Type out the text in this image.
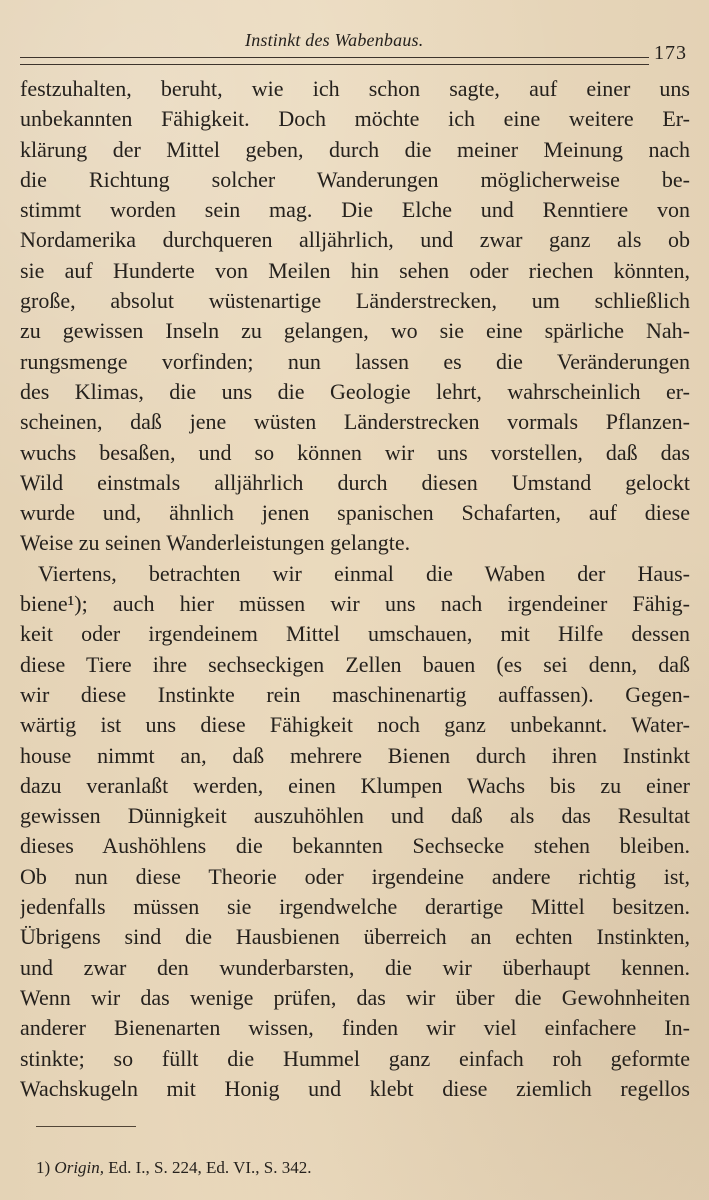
Instinkt des Wabenbaus.
173
festzuhalten, beruht, wie ich schon sagte, auf einer uns
unbekannten Fähigkeit. Doch möchte ich eine weitere Er-
klärung der Mittel geben, durch die meiner Meinung nach
die Richtung solcher Wanderungen möglicherweise be-
stimmt worden sein mag. Die Elche und Renntiere von
Nordamerika durchqueren alljährlich, und zwar ganz als ob
sie auf Hunderte von Meilen hin sehen oder riechen könnten,
große, absolut wüstenartige Länderstrecken, um schließlich
zu gewissen Inseln zu gelangen, wo sie eine spärliche Nah-
rungsmenge vorfinden; nun lassen es die Veränderungen
des Klimas, die uns die Geologie lehrt, wahrscheinlich er-
scheinen, daß jene wüsten Länderstrecken vormals Pflanzen-
wuchs besaßen, und so können wir uns vorstellen, daß das
Wild einstmals alljährlich durch diesen Umstand gelockt
wurde und, ähnlich jenen spanischen Schafarten, auf diese
Weise zu seinen Wanderleistungen gelangte.
Viertens, betrachten wir einmal die Waben der Haus-
biene¹); auch hier müssen wir uns nach irgendeiner Fähig-
keit oder irgendeinem Mittel umschauen, mit Hilfe dessen
diese Tiere ihre sechseckigen Zellen bauen (es sei denn, daß
wir diese Instinkte rein maschinenartig auffassen). Gegen-
wärtig ist uns diese Fähigkeit noch ganz unbekannt. Water-
house nimmt an, daß mehrere Bienen durch ihren Instinkt
dazu veranlaßt werden, einen Klumpen Wachs bis zu einer
gewissen Dünnigkeit auszuhöhlen und daß als das Resultat
dieses Aushöhlens die bekannten Sechsecke stehen bleiben.
Ob nun diese Theorie oder irgendeine andere richtig ist,
jedenfalls müssen sie irgendwelche derartige Mittel besitzen.
Übrigens sind die Hausbienen überreich an echten Instinkten,
und zwar den wunderbarsten, die wir überhaupt kennen.
Wenn wir das wenige prüfen, das wir über die Gewohnheiten
anderer Bienenarten wissen, finden wir viel einfachere In-
stinkte; so füllt die Hummel ganz einfach roh geformte
Wachskugeln mit Honig und klebt diese ziemlich regellos
1) Origin, Ed. I., S. 224, Ed. VI., S. 342.
